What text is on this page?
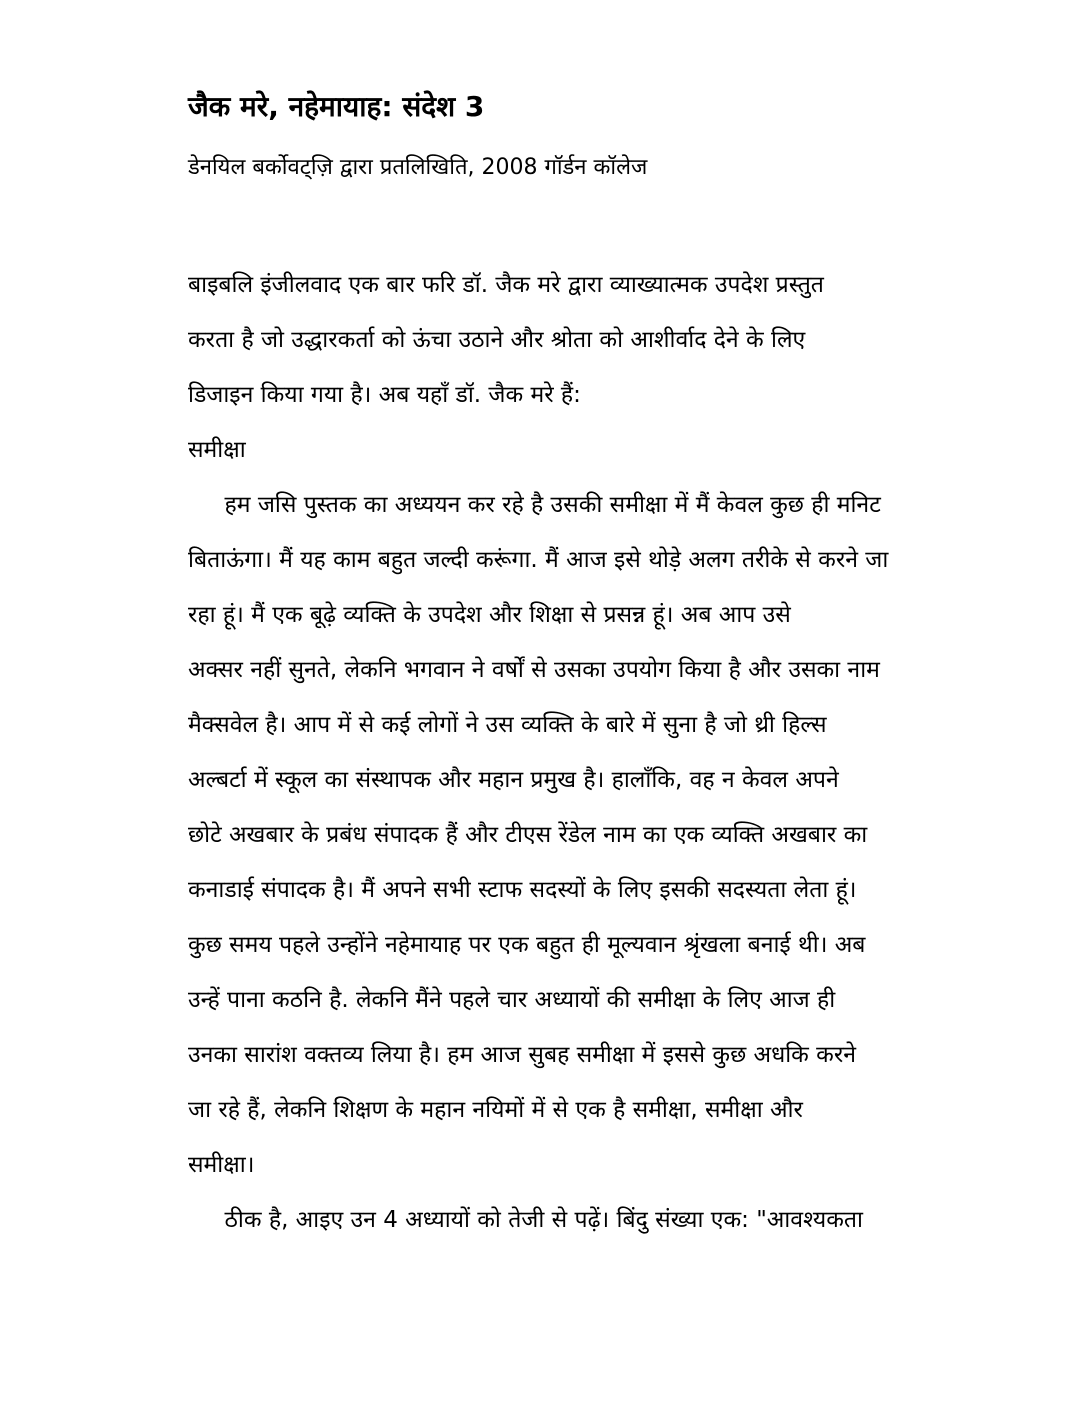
जैक मरे, नहेमायाह: संदेश 3
डेनयिल बर्कोवट्ज़ि द्वारा प्रतलिखिति, 2008 गॉर्डन कॉलेज
बाइबलि इंजीलवाद एक बार फरि डॉ. जैक मरे द्वारा व्याख्यात्मक उपदेश प्रस्तुत
करता है जो उद्धारकर्ता को ऊंचा उठाने और श्रोता को आशीर्वाद देने के लिए
डिजाइन किया गया है। अब यहाँ डॉ. जैक मरे हैं:
समीक्षा
हम जसि पुस्तक का अध्ययन कर रहे है उसकी समीक्षा में मैं केवल कुछ ही मनिट
बिताऊंगा। मैं यह काम बहुत जल्दी करूंगा. मैं आज इसे थोड़े अलग तरीके से करने जा
रहा हूं। मैं एक बूढ़े व्यक्ति के उपदेश और शिक्षा से प्रसन्न हूं। अब आप उसे
अक्सर नहीं सुनते, लेकनि भगवान ने वर्षों से उसका उपयोग किया है और उसका नाम
मैक्सवेल है। आप में से कई लोगों ने उस व्यक्ति के बारे में सुना है जो थ्री हिल्स
अल्बर्टा में स्कूल का संस्थापक और महान प्रमुख है। हालाँकि, वह न केवल अपने
छोटे अखबार के प्रबंध संपादक हैं और टीएस रेंडेल नाम का एक व्यक्ति अखबार का
कनाडाई संपादक है। मैं अपने सभी स्टाफ सदस्यों के लिए इसकी सदस्यता लेता हूं।
कुछ समय पहले उन्होंने नहेमायाह पर एक बहुत ही मूल्यवान श्रृंखला बनाई थी। अब
उन्हें पाना कठनि है. लेकनि मैंने पहले चार अध्यायों की समीक्षा के लिए आज ही
उनका सारांश वक्तव्य लिया है। हम आज सुबह समीक्षा में इससे कुछ अधकि करने
जा रहे हैं, लेकनि शिक्षण के महान नयिमों में से एक है समीक्षा, समीक्षा और
समीक्षा।
ठीक है, आइए उन 4 अध्यायों को तेजी से पढ़ें। बिंदु संख्या एक: "आवश्यकता
